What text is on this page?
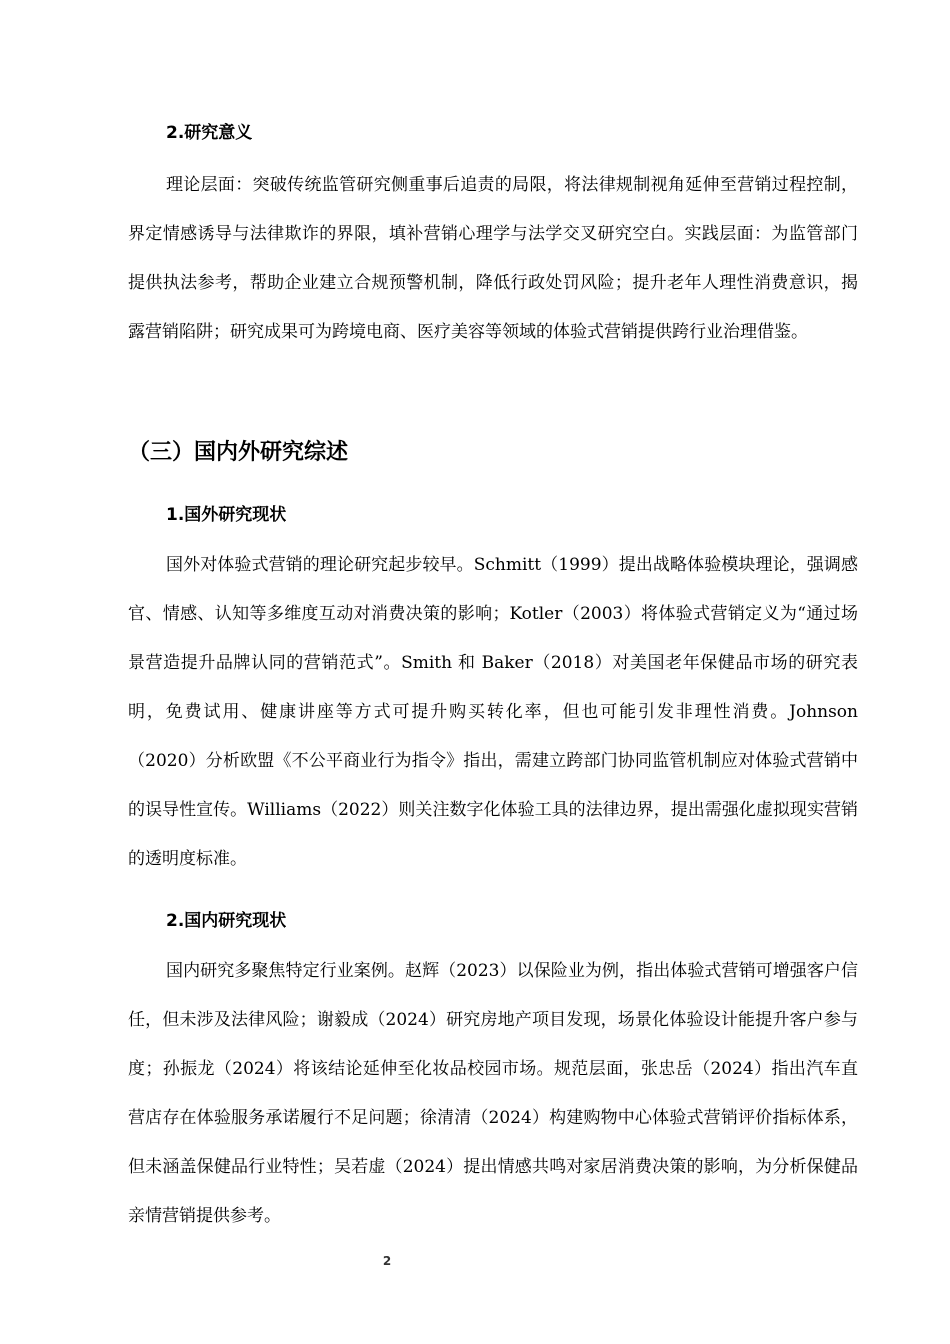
2.研究意义

理论层面：突破传统监管研究侧重事后追责的局限，将法律规制视角延伸至营销过程控制，界定情感诱导与法律欺诈的界限，填补营销心理学与法学交叉研究空白。实践层面：为监管部门提供执法参考，帮助企业建立合规预警机制，降低行政处罚风险；提升老年人理性消费意识，揭露营销陷阱；研究成果可为跨境电商、医疗美容等领域的体验式营销提供跨行业治理借鉴。

（三）国内外研究综述
1.国外研究现状

国外对体验式营销的理论研究起步较早。Schmitt（1999）提出战略体验模块理论，强调感官、情感、认知等多维度互动对消费决策的影响；Kotler（2003）将体验式营销定义为“通过场景营造提升品牌认同的营销范式”。Smith 和 Baker（2018）对美国老年保健品市场的研究表明，免费试用、健康讲座等方式可提升购买转化率，但也可能引发非理性消费。Johnson（2020）分析欧盟《不公平商业行为指令》指出，需建立跨部门协同监管机制应对体验式营销中的误导性宣传。Williams（2022）则关注数字化体验工具的法律边界，提出需强化虚拟现实营销的透明度标准。

2.国内研究现状

国内研究多聚焦特定行业案例。赵辉（2023）以保险业为例，指出体验式营销可增强客户信任，但未涉及法律风险；谢毅成（2024）研究房地产项目发现，场景化体验设计能提升客户参与度；孙振龙（2024）将该结论延伸至化妆品校园市场。规范层面，张忠岳（2024）指出汽车直营店存在体验服务承诺履行不足问题；徐清清（2024）构建购物中心体验式营销评价指标体系，但未涵盖保健品行业特性；吴若虚（2024）提出情感共鸣对家居消费决策的影响，为分析保健品亲情营销提供参考。

2
